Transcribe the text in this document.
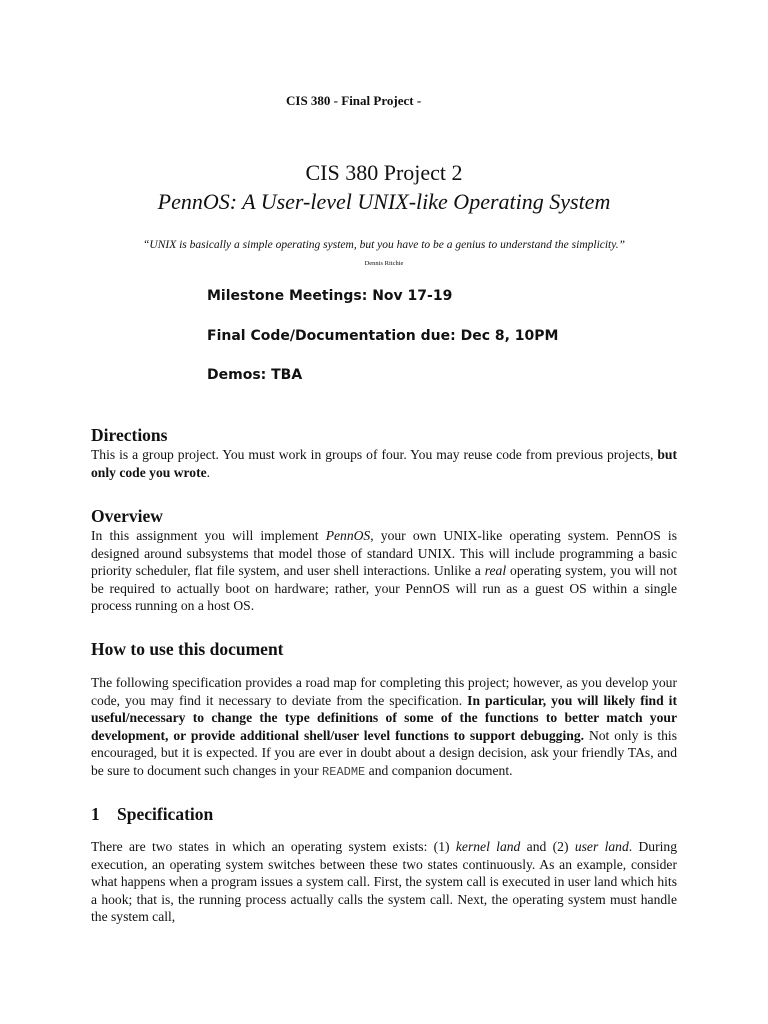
CIS 380 - Final Project -
CIS 380 Project 2
PennOS: A User-level UNIX-like Operating System
“UNIX is basically a simple operating system, but you have to be a genius to understand the simplicity.”
Dennis Ritchie
Milestone Meetings: Nov 17-19
Final Code/Documentation due: Dec 8, 10PM
Demos: TBA
Directions
This is a group project. You must work in groups of four. You may reuse code from previous projects, but only code you wrote.
Overview
In this assignment you will implement PennOS, your own UNIX-like operating system. PennOS is designed around subsystems that model those of standard UNIX. This will include programming a basic priority scheduler, flat file system, and user shell interactions. Unlike a real operating system, you will not be required to actually boot on hardware; rather, your PennOS will run as a guest OS within a single process running on a host OS.
How to use this document
The following specification provides a road map for completing this project; however, as you develop your code, you may find it necessary to deviate from the specification. In particular, you will likely find it useful/necessary to change the type definitions of some of the functions to better match your development, or provide additional shell/user level functions to support debugging. Not only is this encouraged, but it is expected. If you are ever in doubt about a design decision, ask your friendly TAs, and be sure to document such changes in your README and companion document.
1 Specification
There are two states in which an operating system exists: (1) kernel land and (2) user land. During execution, an operating system switches between these two states continuously. As an example, consider what happens when a program issues a system call. First, the system call is executed in user land which hits a hook; that is, the running process actually calls the system call. Next, the operating system must handle the system call,
